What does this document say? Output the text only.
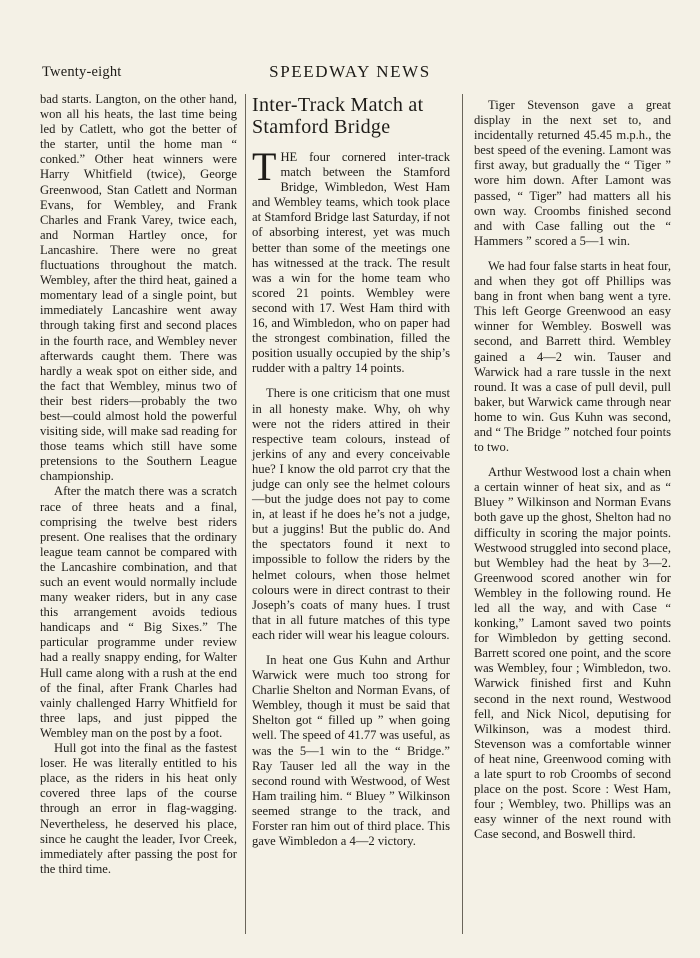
Twenty-eight	SPEEDWAY NEWS

bad starts. Langton, on the other hand, won all his heats, the last time being led by Catlett, who got the better of the starter, until the home man “ conked.” Other heat winners were Harry Whitfield (twice), George Greenwood, Stan Catlett and Norman Evans, for Wembley, and Frank Charles and Frank Varey, twice each, and Norman Hartley once, for Lancashire. There were no great fluctuations throughout the match. Wembley, after the third heat, gained a momentary lead of a single point, but immediately Lancashire went away through taking first and second places in the fourth race, and Wembley never afterwards caught them. There was hardly a weak spot on either side, and the fact that Wembley, minus two of their best riders—probably the two best—could almost hold the powerful visiting side, will make sad reading for those teams which still have some pretensions to the Southern League championship.

After the match there was a scratch race of three heats and a final, comprising the twelve best riders present. One realises that the ordinary league team cannot be compared with the Lancashire combination, and that such an event would normally include many weaker riders, but in any case this arrangement avoids tedious handicaps and “ Big Sixes.” The particular programme under review had a really snappy ending, for Walter Hull came along with a rush at the end of the final, after Frank Charles had vainly challenged Harry Whitfield for three laps, and just pipped the Wembley man on the post by a foot.

Hull got into the final as the fastest loser. He was literally entitled to his place, as the riders in his heat only covered three laps of the course through an error in flag-wagging. Nevertheless, he deserved his place, since he caught the leader, Ivor Creek, immediately after passing the post for the third time.

Inter-Track Match at Stamford Bridge

THE four cornered inter-track match between the Stamford Bridge, Wimbledon, West Ham and Wembley teams, which took place at Stamford Bridge last Saturday, if not of absorbing interest, yet was much better than some of the meetings one has witnessed at the track. The result was a win for the home team who scored 21 points. Wembley were second with 17. West Ham third with 16, and Wimbledon, who on paper had the strongest combination, filled the position usually occupied by the ship’s rudder with a paltry 14 points.

There is one criticism that one must in all honesty make. Why, oh why were not the riders attired in their respective team colours, instead of jerkins of any and every conceivable hue? I know the old parrot cry that the judge can only see the helmet colours—but the judge does not pay to come in, at least if he does he’s not a judge, but a juggins! But the public do. And the spectators found it next to impossible to follow the riders by the helmet colours, when those helmet colours were in direct contrast to their Joseph’s coats of many hues. I trust that in all future matches of this type each rider will wear his league colours.

In heat one Gus Kuhn and Arthur Warwick were much too strong for Charlie Shelton and Norman Evans, of Wembley, though it must be said that Shelton got “ filled up ” when going well. The speed of 41.77 was useful, as was the 5—1 win to the “ Bridge.” Ray Tauser led all the way in the second round with Westwood, of West Ham trailing him. “ Bluey ” Wilkinson seemed strange to the track, and Forster ran him out of third place. This gave Wimbledon a 4—2 victory.

Tiger Stevenson gave a great display in the next set to, and incidentally returned 45.45 m.p.h., the best speed of the evening. Lamont was first away, but gradually the “ Tiger ” wore him down. After Lamont was passed, “ Tiger” had matters all his own way. Croombs finished second and with Case falling out the “ Hammers ” scored a 5—1 win.

We had four false starts in heat four, and when they got off Phillips was bang in front when bang went a tyre. This left George Greenwood an easy winner for Wembley. Boswell was second, and Barrett third. Wembley gained a 4—2 win. Tauser and Warwick had a rare tussle in the next round. It was a case of pull devil, pull baker, but Warwick came through near home to win. Gus Kuhn was second, and “ The Bridge ” notched four points to two.

Arthur Westwood lost a chain when a certain winner of heat six, and as “ Bluey ” Wilkinson and Norman Evans both gave up the ghost, Shelton had no difficulty in scoring the major points. Westwood struggled into second place, but Wembley had the heat by 3—2. Greenwood scored another win for Wembley in the following round. He led all the way, and with Case “ konking,” Lamont saved two points for Wimbledon by getting second. Barrett scored one point, and the score was Wembley, four ; Wimbledon, two. Warwick finished first and Kuhn second in the next round, Westwood fell, and Nick Nicol, deputising for Wilkinson, was a modest third. Stevenson was a comfortable winner of heat nine, Greenwood coming with a late spurt to rob Croombs of second place on the post. Score : West Ham, four ; Wembley, two. Phillips was an easy winner of the next round with Case second, and Boswell third.
